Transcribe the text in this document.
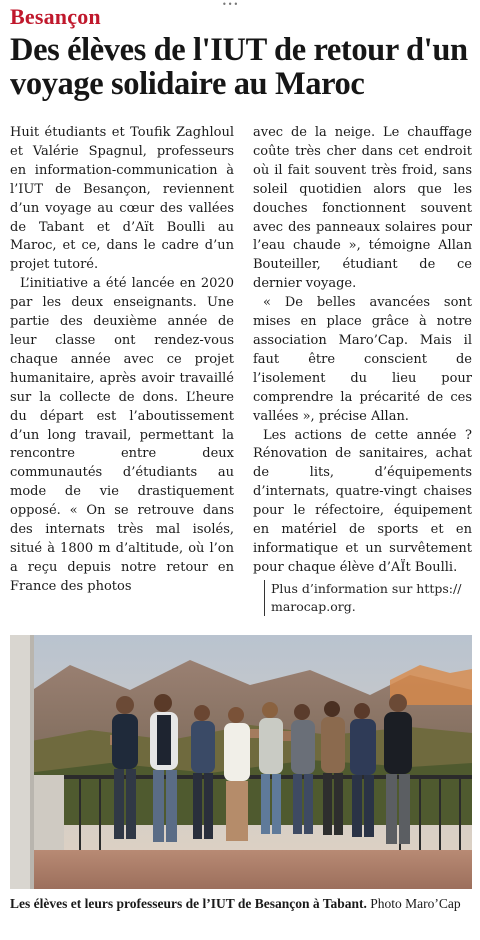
•••
Besançon
Des élèves de l'IUT de retour d'un voyage solidaire au Maroc

Huit étudiants et Toufik Zaghloul et Valérie Spagnul, professeurs en information-communication à l’IUT de Besançon, reviennent d’un voyage au cœur des vallées de Tabant et d’Aït Boulli au Maroc, et ce, dans le cadre d’un projet tutoré.

L’initiative a été lancée en 2020 par les deux enseignants. Une partie des deuxième année de leur classe ont rendez-vous chaque année avec ce projet humanitaire, après avoir travaillé sur la collecte de dons. L’heure du départ est l’aboutissement d’un long travail, permettant la rencontre entre deux communautés d’étudiants au mode de vie drastiquement opposé. « On se retrouve dans des internats très mal isolés, situé à 1800 m d’altitude, où l’on a reçu depuis notre retour en France des photos

avec de la neige. Le chauffage coûte très cher dans cet endroit où il fait souvent très froid, sans soleil quotidien alors que les douches fonctionnent souvent avec des panneaux solaires pour l’eau chaude », témoigne Allan Bouteiller, étudiant de ce dernier voyage.

« De belles avancées sont mises en place grâce à notre association Maro’Cap. Mais il faut être conscient de l’isolement du lieu pour comprendre la précarité de ces vallées », précise Allan.

Les actions de cette année ? Rénovation de sanitaires, achat de lits, d’équipements d’internats, quatre-vingt chaises pour le réfectoire, équipement en matériel de sports et en informatique et un survêtement pour chaque élève d’AÏt Boulli.

Plus d’information sur https://
marocap.org.
Les élèves et leurs professeurs de l’IUT de Besançon à Tabant. Photo Maro’Cap
